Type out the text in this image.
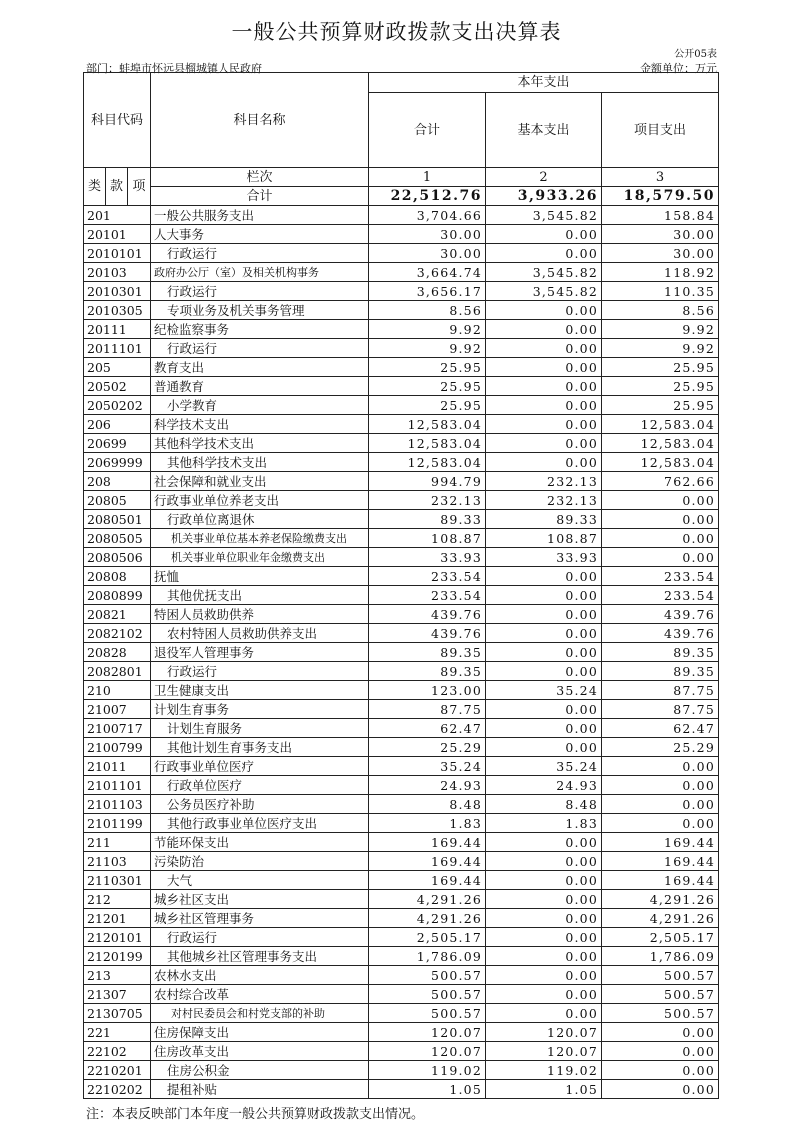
一般公共预算财政拨款支出决算表
公开05表
部门：蚌埠市怀远县榴城镇人民政府	金额单位：万元
科目代码			科目名称	本年支出		
				合计	基本支出	项目支出
类	款	项	栏次	1	2	3
			合计	22,512.76	3,933.26	18,579.50
201			一般公共服务支出	3,704.66	3,545.82	158.84
20101			人大事务	30.00	0.00	30.00
2010101			行政运行	30.00	0.00	30.00
20103			政府办公厅（室）及相关机构事务	3,664.74	3,545.82	118.92
2010301			行政运行	3,656.17	3,545.82	110.35
2010305			专项业务及机关事务管理	8.56	0.00	8.56
20111			纪检监察事务	9.92	0.00	9.92
2011101			行政运行	9.92	0.00	9.92
205			教育支出	25.95	0.00	25.95
20502			普通教育	25.95	0.00	25.95
2050202			小学教育	25.95	0.00	25.95
206			科学技术支出	12,583.04	0.00	12,583.04
20699			其他科学技术支出	12,583.04	0.00	12,583.04
2069999			其他科学技术支出	12,583.04	0.00	12,583.04
208			社会保障和就业支出	994.79	232.13	762.66
20805			行政事业单位养老支出	232.13	232.13	0.00
2080501			行政单位离退休	89.33	89.33	0.00
2080505			机关事业单位基本养老保险缴费支出	108.87	108.87	0.00
2080506			机关事业单位职业年金缴费支出	33.93	33.93	0.00
20808			抚恤	233.54	0.00	233.54
2080899			其他优抚支出	233.54	0.00	233.54
20821			特困人员救助供养	439.76	0.00	439.76
2082102			农村特困人员救助供养支出	439.76	0.00	439.76
20828			退役军人管理事务	89.35	0.00	89.35
2082801			行政运行	89.35	0.00	89.35
210			卫生健康支出	123.00	35.24	87.75
21007			计划生育事务	87.75	0.00	87.75
2100717			计划生育服务	62.47	0.00	62.47
2100799			其他计划生育事务支出	25.29	0.00	25.29
21011			行政事业单位医疗	35.24	35.24	0.00
2101101			行政单位医疗	24.93	24.93	0.00
2101103			公务员医疗补助	8.48	8.48	0.00
2101199			其他行政事业单位医疗支出	1.83	1.83	0.00
211			节能环保支出	169.44	0.00	169.44
21103			污染防治	169.44	0.00	169.44
2110301			大气	169.44	0.00	169.44
212			城乡社区支出	4,291.26	0.00	4,291.26
21201			城乡社区管理事务	4,291.26	0.00	4,291.26
2120101			行政运行	2,505.17	0.00	2,505.17
2120199			其他城乡社区管理事务支出	1,786.09	0.00	1,786.09
213			农林水支出	500.57	0.00	500.57
21307			农村综合改革	500.57	0.00	500.57
2130705			对村民委员会和村党支部的补助	500.57	0.00	500.57
221			住房保障支出	120.07	120.07	0.00
22102			住房改革支出	120.07	120.07	0.00
2210201			住房公积金	119.02	119.02	0.00
2210202			提租补贴	1.05	1.05	0.00
注：本表反映部门本年度一般公共预算财政拨款支出情况。
